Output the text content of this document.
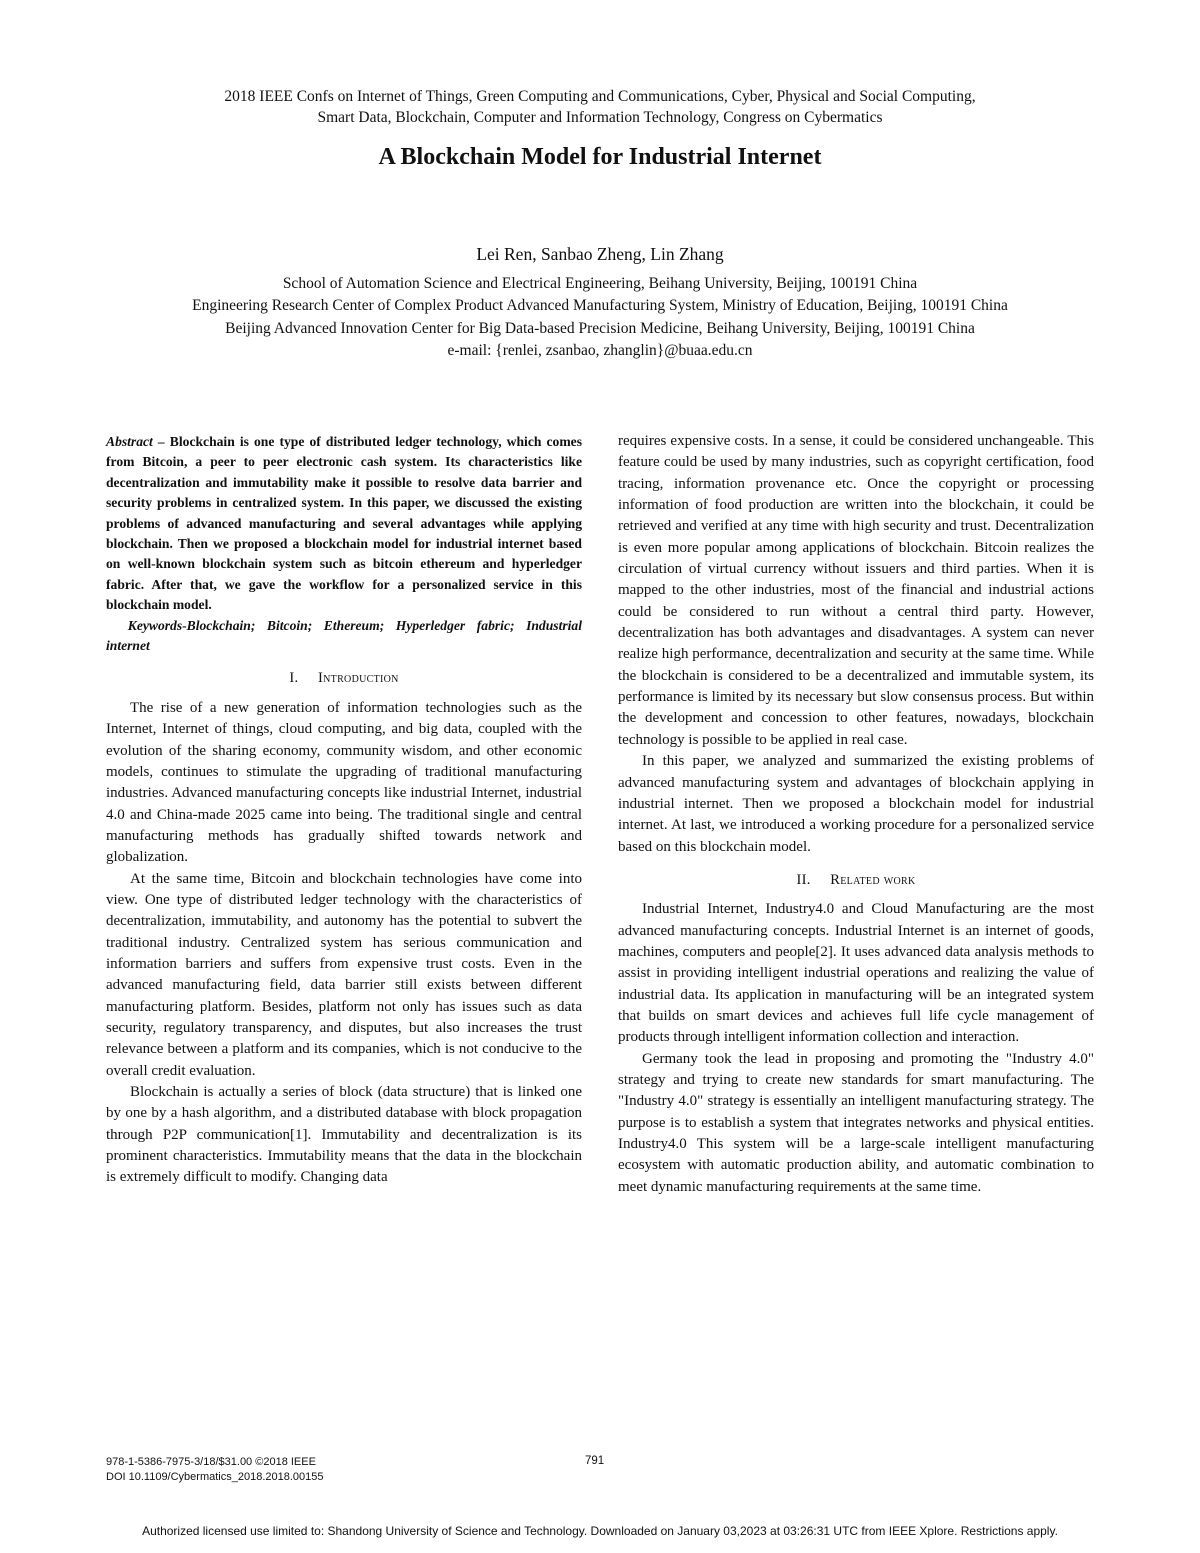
2018 IEEE Confs on Internet of Things, Green Computing and Communications, Cyber, Physical and Social Computing,
Smart Data, Blockchain, Computer and Information Technology, Congress on Cybermatics
A Blockchain Model for Industrial Internet
Lei Ren, Sanbao Zheng, Lin Zhang
School of Automation Science and Electrical Engineering, Beihang University, Beijing, 100191 China
Engineering Research Center of Complex Product Advanced Manufacturing System, Ministry of Education, Beijing, 100191 China
Beijing Advanced Innovation Center for Big Data-based Precision Medicine, Beihang University, Beijing, 100191 China
e-mail: {renlei, zsanbao, zhanglin}@buaa.edu.cn

Abstract – Blockchain is one type of distributed ledger technology, which comes from Bitcoin, a peer to peer electronic cash system. Its characteristics like decentralization and immutability make it possible to resolve data barrier and security problems in centralized system. In this paper, we discussed the existing problems of advanced manufacturing and several advantages while applying blockchain. Then we proposed a blockchain model for industrial internet based on well-known blockchain system such as bitcoin ethereum and hyperledger fabric. After that, we gave the workflow for a personalized service in this blockchain model.

Keywords-Blockchain; Bitcoin; Ethereum; Hyperledger fabric; Industrial internet

I. Introduction

The rise of a new generation of information technologies such as the Internet, Internet of things, cloud computing, and big data, coupled with the evolution of the sharing economy, community wisdom, and other economic models, continues to stimulate the upgrading of traditional manufacturing industries. Advanced manufacturing concepts like industrial Internet, industrial 4.0 and China-made 2025 came into being. The traditional single and central manufacturing methods has gradually shifted towards network and globalization.

At the same time, Bitcoin and blockchain technologies have come into view. One type of distributed ledger technology with the characteristics of decentralization, immutability, and autonomy has the potential to subvert the traditional industry. Centralized system has serious communication and information barriers and suffers from expensive trust costs. Even in the advanced manufacturing field, data barrier still exists between different manufacturing platform. Besides, platform not only has issues such as data security, regulatory transparency, and disputes, but also increases the trust relevance between a platform and its companies, which is not conducive to the overall credit evaluation.

Blockchain is actually a series of block (data structure) that is linked one by one by a hash algorithm, and a distributed database with block propagation through P2P communication[1]. Immutability and decentralization is its prominent characteristics. Immutability means that the data in the blockchain is extremely difficult to modify. Changing data

requires expensive costs. In a sense, it could be considered unchangeable. This feature could be used by many industries, such as copyright certification, food tracing, information provenance etc. Once the copyright or processing information of food production are written into the blockchain, it could be retrieved and verified at any time with high security and trust. Decentralization is even more popular among applications of blockchain. Bitcoin realizes the circulation of virtual currency without issuers and third parties. When it is mapped to the other industries, most of the financial and industrial actions could be considered to run without a central third party. However, decentralization has both advantages and disadvantages. A system can never realize high performance, decentralization and security at the same time. While the blockchain is considered to be a decentralized and immutable system, its performance is limited by its necessary but slow consensus process. But within the development and concession to other features, nowadays, blockchain technology is possible to be applied in real case.

In this paper, we analyzed and summarized the existing problems of advanced manufacturing system and advantages of blockchain applying in industrial internet. Then we proposed a blockchain model for industrial internet. At last, we introduced a working procedure for a personalized service based on this blockchain model.

II. Related work

Industrial Internet, Industry4.0 and Cloud Manufacturing are the most advanced manufacturing concepts. Industrial Internet is an internet of goods, machines, computers and people[2]. It uses advanced data analysis methods to assist in providing intelligent industrial operations and realizing the value of industrial data. Its application in manufacturing will be an integrated system that builds on smart devices and achieves full life cycle management of products through intelligent information collection and interaction.

Germany took the lead in proposing and promoting the "Industry 4.0" strategy and trying to create new standards for smart manufacturing. The "Industry 4.0" strategy is essentially an intelligent manufacturing strategy. The purpose is to establish a system that integrates networks and physical entities. Industry4.0 This system will be a large-scale intelligent manufacturing ecosystem with automatic production ability, and automatic combination to meet dynamic manufacturing requirements at the same time.

978-1-5386-7975-3/18/$31.00 ©2018 IEEE
DOI 10.1109/Cybermatics_2018.2018.00155
791
Authorized licensed use limited to: Shandong University of Science and Technology. Downloaded on January 03,2023 at 03:26:31 UTC from IEEE Xplore. Restrictions apply.
